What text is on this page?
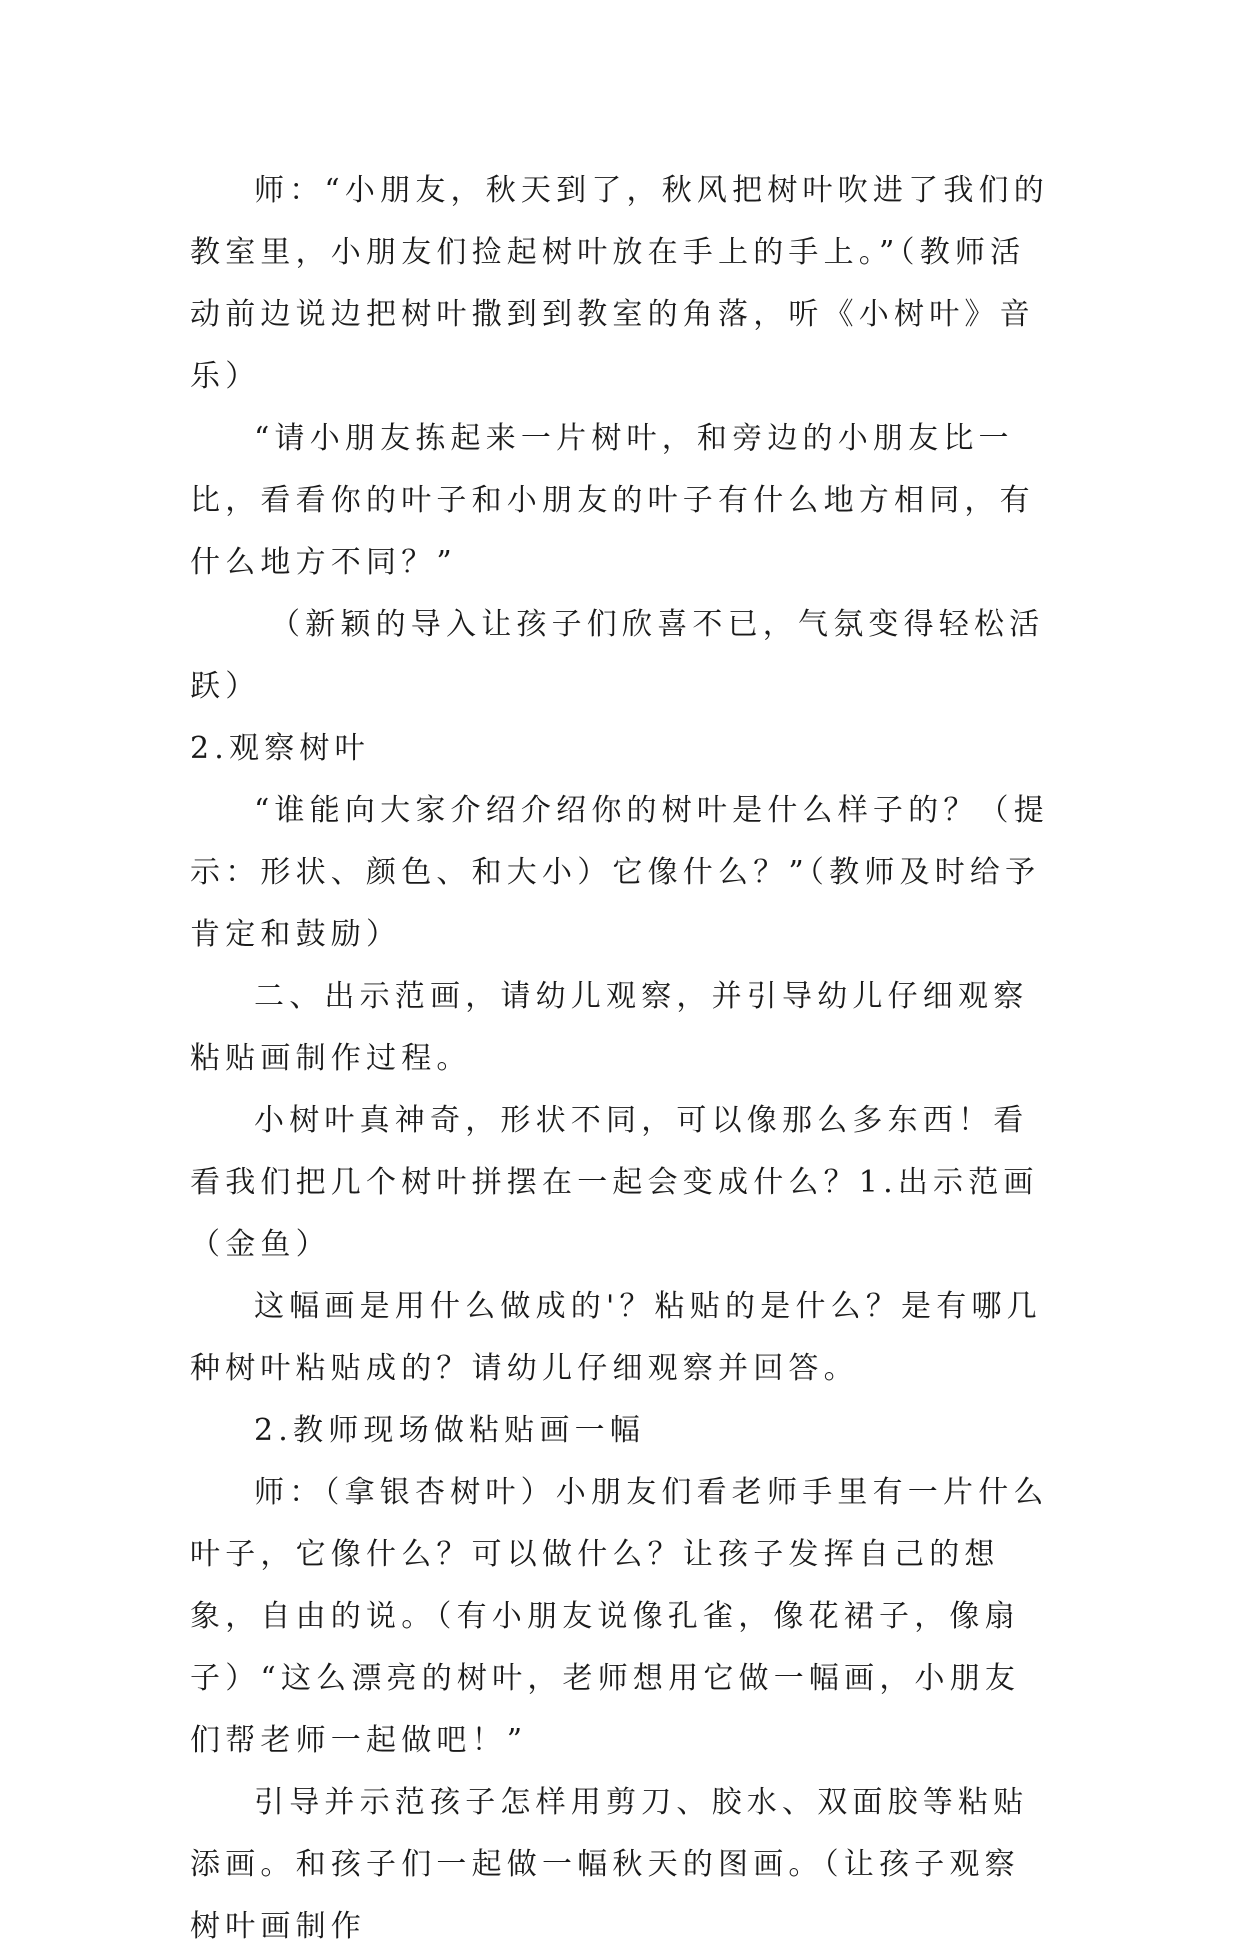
师：“小朋友，秋天到了，秋风把树叶吹进了我们的教室里，小朋友们捡起树叶放在手上的手上。”（教师活动前边说边把树叶撒到到教室的角落，听《小树叶》音乐）

“请小朋友拣起来一片树叶，和旁边的小朋友比一比，看看你的叶子和小朋友的叶子有什么地方相同，有什么地方不同？”

（新颖的导入让孩子们欣喜不已，气氛变得轻松活跃）

2.观察树叶

“谁能向大家介绍介绍你的树叶是什么样子的？（提示：形状、颜色、和大小）它像什么？”（教师及时给予肯定和鼓励）

二、出示范画，请幼儿观察，并引导幼儿仔细观察粘贴画制作过程。

小树叶真神奇，形状不同，可以像那么多东西！看看我们把几个树叶拼摆在一起会变成什么？1.出示范画（金鱼）

这幅画是用什么做成的'？粘贴的是什么？是有哪几种树叶粘贴成的？请幼儿仔细观察并回答。

2.教师现场做粘贴画一幅

师：（拿银杏树叶）小朋友们看老师手里有一片什么叶子，它像什么？可以做什么？让孩子发挥自己的想象，自由的说。（有小朋友说像孔雀，像花裙子，像扇子）“这么漂亮的树叶，老师想用它做一幅画，小朋友们帮老师一起做吧！”

引导并示范孩子怎样用剪刀、胶水、双面胶等粘贴添画。和孩子们一起做一幅秋天的图画。（让孩子观察树叶画制作
